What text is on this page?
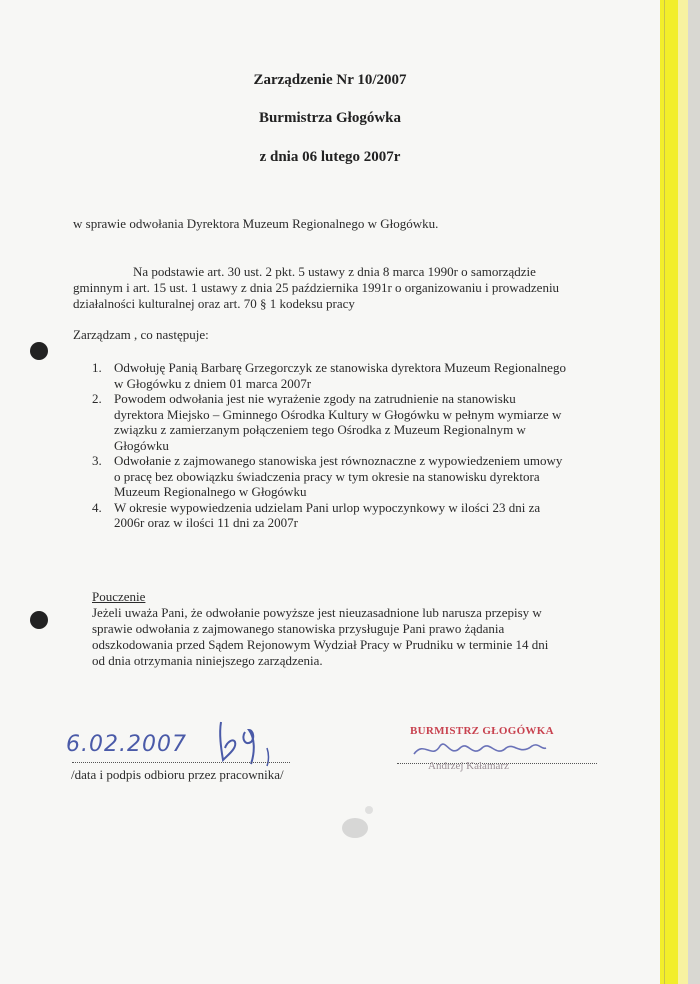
Zarządzenie Nr 10/2007
Burmistrza Głogówka
z dnia 06 lutego 2007r
w sprawie odwołania Dyrektora Muzeum Regionalnego w Głogówku.
Na podstawie art. 30 ust. 2 pkt. 5 ustawy z dnia 8 marca 1990r o samorządzie
gminnym i art. 15 ust. 1 ustawy z dnia 25 października 1991r o organizowaniu i prowadzeniu
działalności kulturalnej oraz art. 70 § 1 kodeksu pracy
Zarządzam , co następuje:
1. Odwołuję Panią Barbarę Grzegorczyk ze stanowiska dyrektora Muzeum Regionalnego
w Głogówku z dniem 01 marca 2007r
2. Powodem odwołania jest nie wyrażenie zgody na zatrudnienie na stanowisku
dyrektora Miejsko – Gminnego Ośrodka Kultury w Głogówku w pełnym wymiarze w
związku z zamierzanym połączeniem tego Ośrodka z Muzeum Regionalnym w
Głogówku
3. Odwołanie z zajmowanego stanowiska jest równoznaczne z wypowiedzeniem umowy
o pracę bez obowiązku świadczenia pracy w tym okresie na stanowisku dyrektora
Muzeum Regionalnego w Głogówku
4. W okresie wypowiedzenia udzielam Pani urlop wypoczynkowy w ilości 23 dni za
2006r oraz w ilości 11 dni za 2007r
Pouczenie
Jeżeli uważa Pani, że odwołanie powyższe jest nieuzasadnione lub narusza przepisy w
sprawie odwołania z zajmowanego stanowiska przysługuje Pani prawo żądania
odszkodowania przed Sądem Rejonowym Wydział Pracy w Prudniku w terminie 14 dni
od dnia otrzymania niniejszego zarządzenia.
6.02.2007
/data i podpis odbioru przez pracownika/
BURMISTRZ GŁOGÓWKA
Andrzej Kałamarz
